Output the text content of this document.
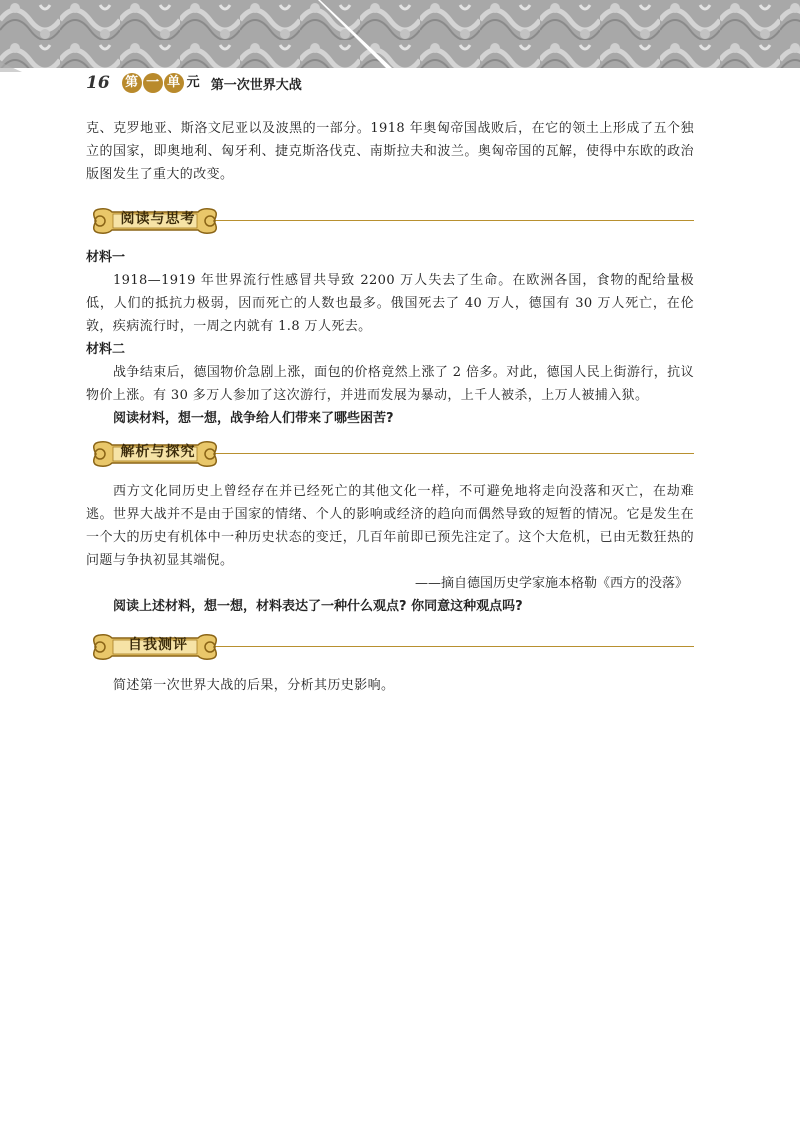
16 第 一 单 元 第一次世界大战

克、克罗地亚、斯洛文尼亚以及波黑的一部分。1918 年奥匈帝国战败后，在它的领土上形成了五个独立的国家，即奥地利、匈牙利、捷克斯洛伐克、南斯拉夫和波兰。奥匈帝国的瓦解，使得中东欧的政治版图发生了重大的改变。

阅读与思考

材料一

1918—1919 年世界流行性感冒共导致 2200 万人失去了生命。在欧洲各国，食物的配给量极低，人们的抵抗力极弱，因而死亡的人数也最多。俄国死去了 40 万人，德国有 30 万人死亡，在伦敦，疾病流行时，一周之内就有 1.8 万人死去。

材料二

战争结束后，德国物价急剧上涨，面包的价格竟然上涨了 2 倍多。对此，德国人民上街游行，抗议物价上涨。有 30 多万人参加了这次游行，并进而发展为暴动，上千人被杀，上万人被捕入狱。

阅读材料，想一想，战争给人们带来了哪些困苦?

解析与探究

西方文化同历史上曾经存在并已经死亡的其他文化一样，不可避免地将走向没落和灭亡，在劫难逃。世界大战并不是由于国家的情绪、个人的影响或经济的趋向而偶然导致的短暂的情况。它是发生在一个大的历史有机体中一种历史状态的变迁，几百年前即已预先注定了。这个大危机，已由无数狂热的问题与争执初显其端倪。

——摘自德国历史学家施本格勒《西方的没落》

阅读上述材料，想一想，材料表达了一种什么观点? 你同意这种观点吗?

自我测评

简述第一次世界大战的后果，分析其历史影响。
